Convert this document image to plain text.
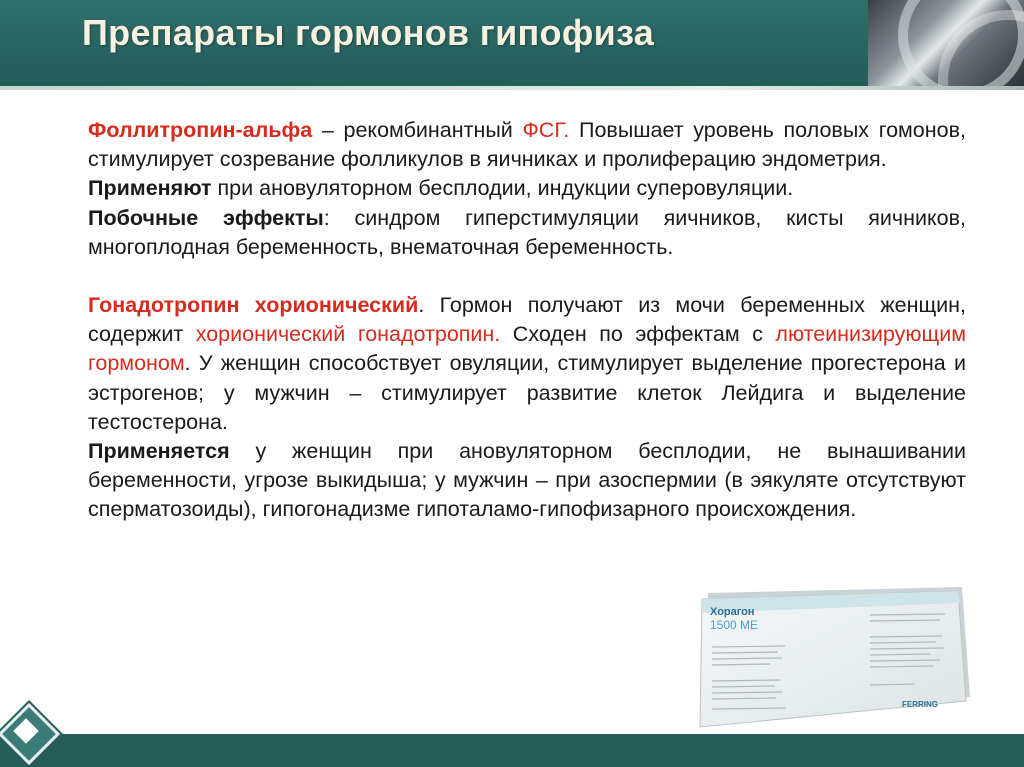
Препараты гормонов гипофиза

Фоллитропин-альфа – рекомбинантный ФСГ. Повышает уровень половых гомонов, стимулирует созревание фолликулов в яичниках и пролиферацию эндометрия.

Применяют при ановуляторном бесплодии, индукции суперовуляции.

Побочные эффекты: синдром гиперстимуляции яичников, кисты яичников, многоплодная беременность, внематочная беременность.

Гонадотропин хорионический. Гормон получают из мочи беременных женщин, содержит хорионический гонадотропин. Сходен по эффектам с лютеинизирующим гормоном. У женщин способствует овуляции, стимулирует выделение прогестерона и эстрогенов; у мужчин – стимулирует развитие клеток Лейдига и выделение тестостерона.

Применяется у женщин при ановуляторном бесплодии, не вынашивании беременности, угрозе выкидыша; у мужчин – при азоспермии (в эякуляте отсутствуют сперматозоиды), гипогонадизме гипоталамо-гипофизарного происхождения.

Хорагон
1500 МЕ
FERRING
